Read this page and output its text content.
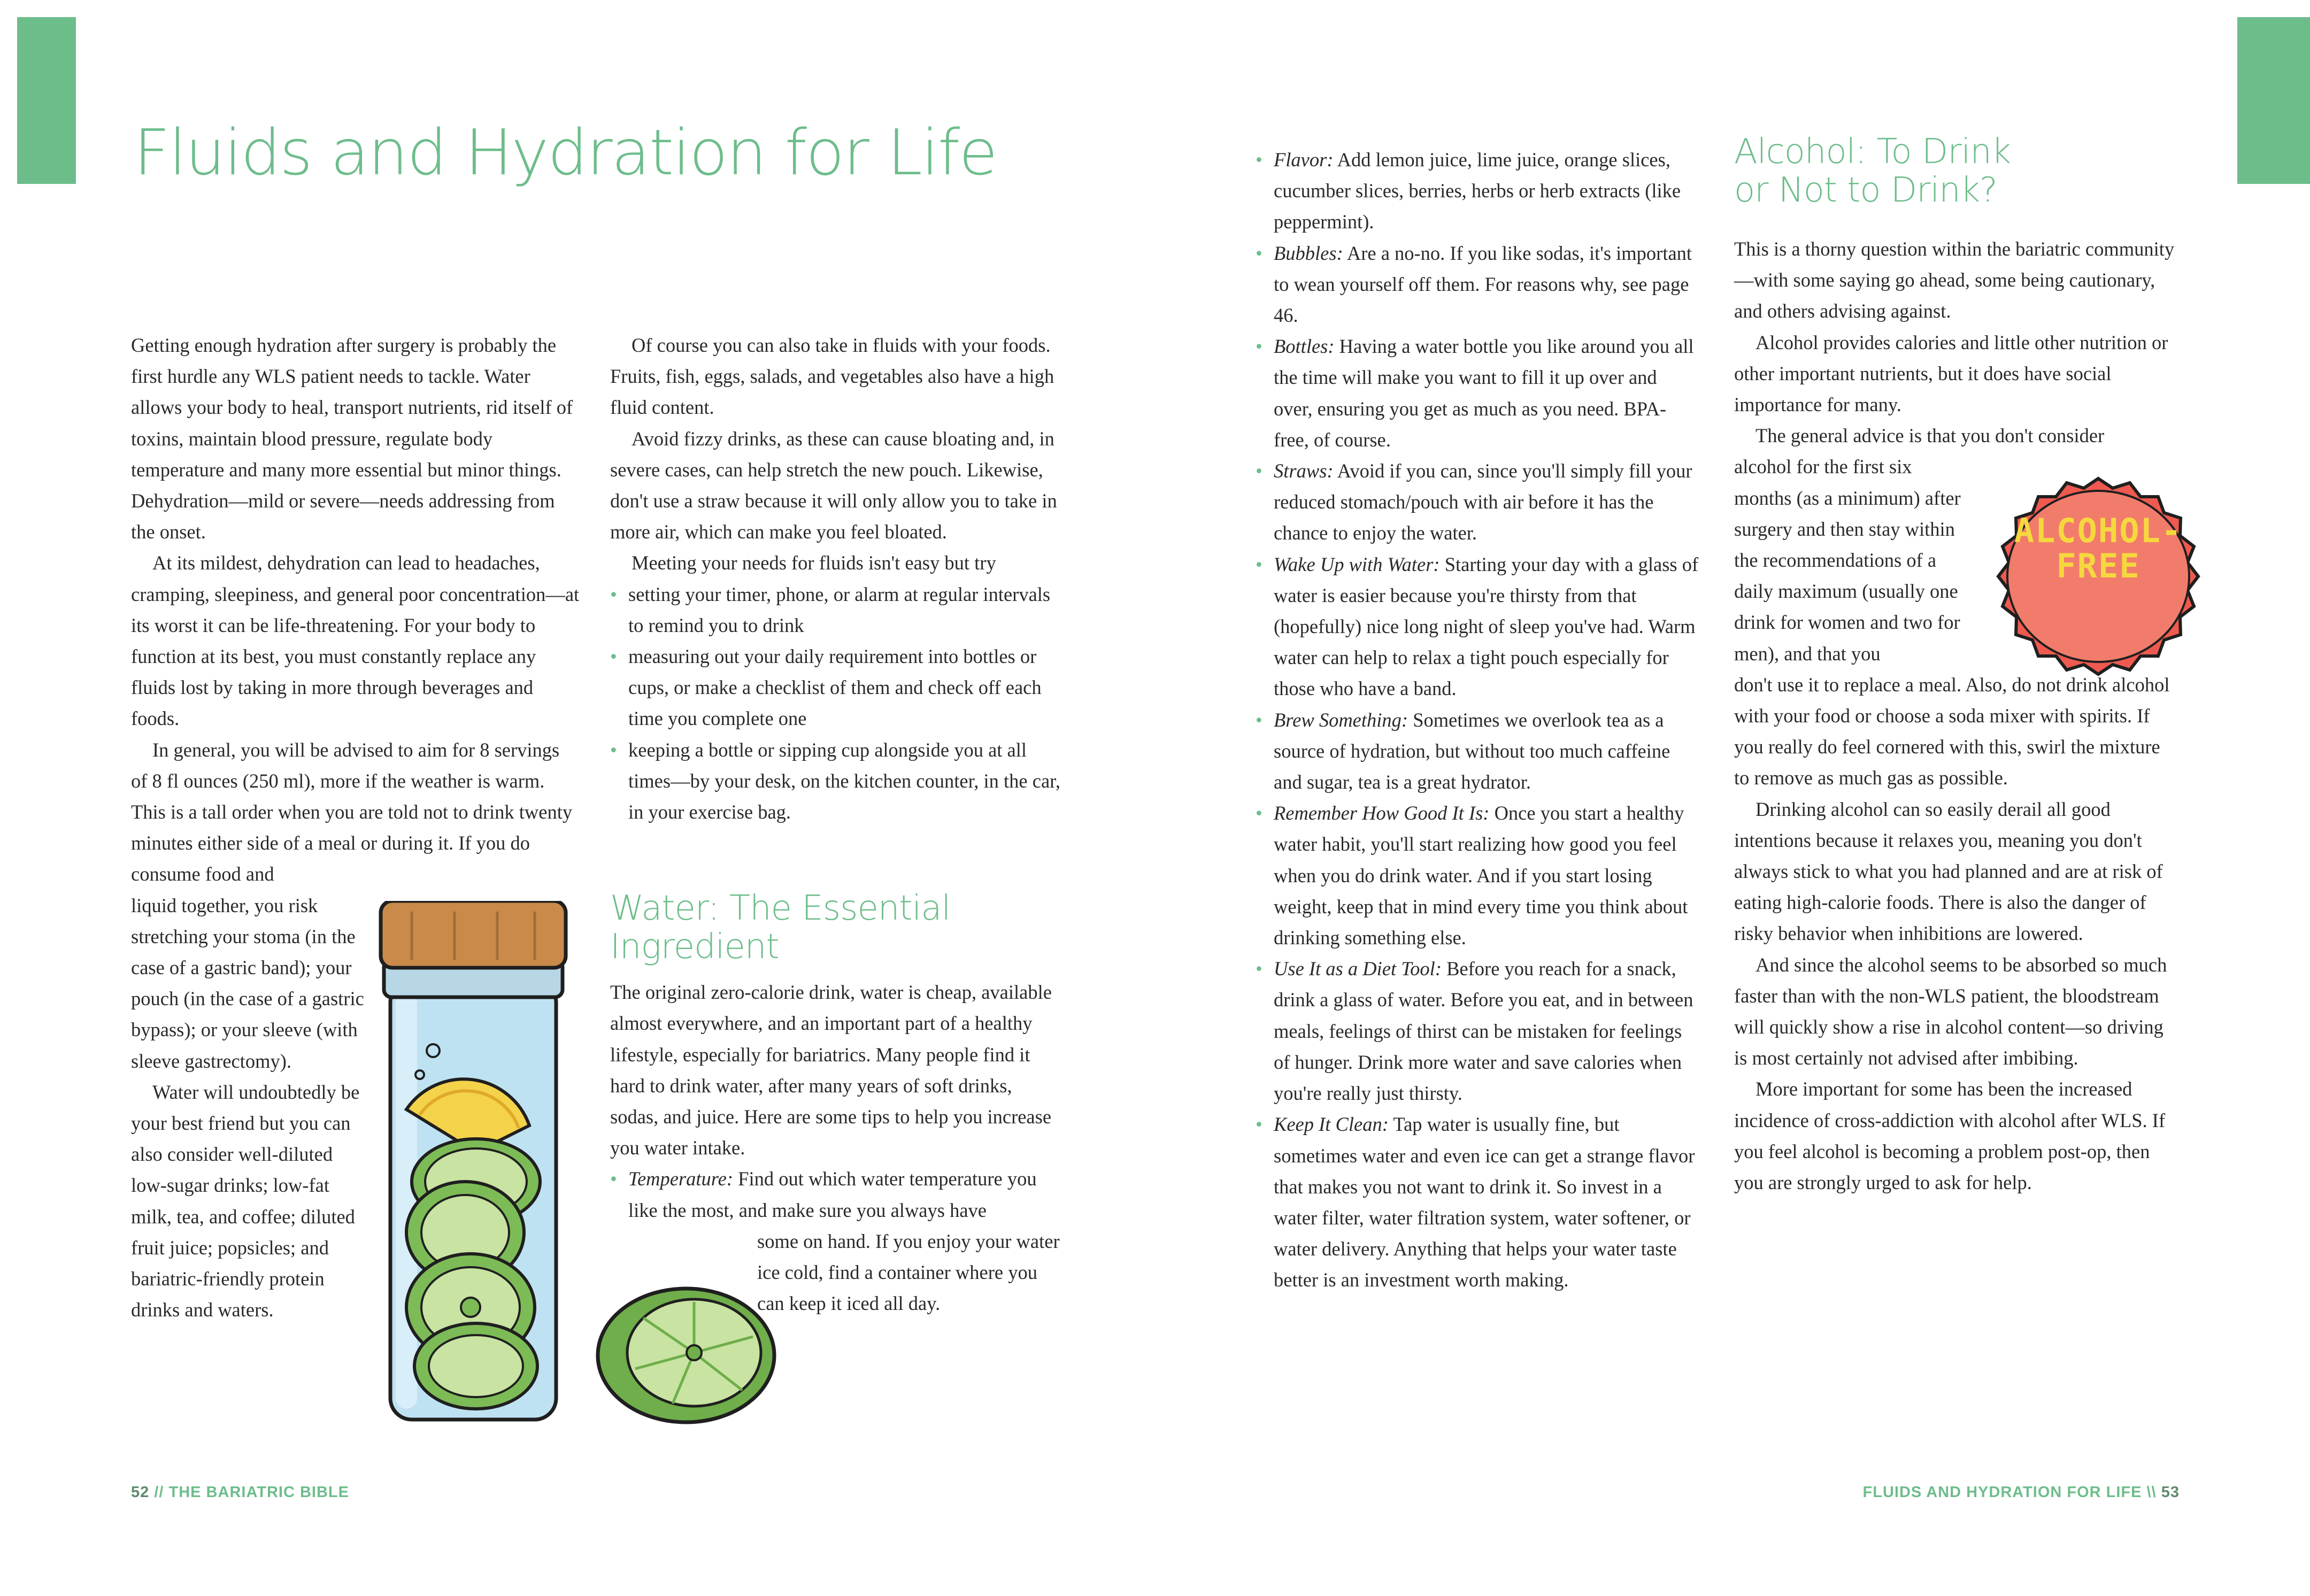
Fluids and Hydration for Life

Getting enough hydration after surgery is probably the first hurdle any WLS patient needs to tackle. Water allows your body to heal, transport nutrients, rid itself of toxins, maintain blood pressure, regulate body temperature and many more essential but minor things. Dehydration—mild or severe—needs addressing from the onset.

At its mildest, dehydration can lead to headaches, cramping, sleepiness, and general poor concentration—at its worst it can be life-threatening. For your body to function at its best, you must constantly replace any fluids lost by taking in more through beverages and foods.

In general, you will be advised to aim for 8 servings of 8 fl ounces (250 ml), more if the weather is warm. This is a tall order when you are told not to drink twenty minutes either side of a meal or during it. If you do consume food and

liquid together, you risk stretching your stoma (in the case of a gastric band); your pouch (in the case of a gastric bypass); or your sleeve (with sleeve gastrectomy).

Water will undoubtedly be your best friend but you can also consider well-diluted low-sugar drinks; low-fat milk, tea, and coffee; diluted fruit juice; popsicles; and bariatric-friendly protein drinks and waters.

Of course you can also take in fluids with your foods. Fruits, fish, eggs, salads, and vegetables also have a high fluid content.

Avoid fizzy drinks, as these can cause bloating and, in severe cases, can help stretch the new pouch. Likewise, don't use a straw because it will only allow you to take in more air, which can make you feel bloated.

Meeting your needs for fluids isn't easy but try

• setting your timer, phone, or alarm at regular intervals to remind you to drink

• measuring out your daily requirement into bottles or cups, or make a checklist of them and check off each time you complete one

• keeping a bottle or sipping cup alongside you at all times—by your desk, on the kitchen counter, in the car, in your exercise bag.

Water: The Essential
Ingredient

The original zero-calorie drink, water is cheap, available almost everywhere, and an important part of a healthy lifestyle, especially for bariatrics. Many people find it hard to drink water, after many years of soft drinks, sodas, and juice. Here are some tips to help you increase you water intake.

• Temperature: Find out which water temperature you like the most, and make sure you always have

some on hand. If you enjoy your water ice cold, find a container where you can keep it iced all day.

• Flavor: Add lemon juice, lime juice, orange slices, cucumber slices, berries, herbs or herb extracts (like peppermint).

• Bubbles: Are a no-no. If you like sodas, it's important to wean yourself off them. For reasons why, see page 46.

• Bottles: Having a water bottle you like around you all the time will make you want to fill it up over and over, ensuring you get as much as you need. BPA-free, of course.

• Straws: Avoid if you can, since you'll simply fill your reduced stomach/pouch with air before it has the chance to enjoy the water.

• Wake Up with Water: Starting your day with a glass of water is easier because you're thirsty from that (hopefully) nice long night of sleep you've had. Warm water can help to relax a tight pouch especially for those who have a band.

• Brew Something: Sometimes we overlook tea as a source of hydration, but without too much caffeine and sugar, tea is a great hydrator.

• Remember How Good It Is: Once you start a healthy water habit, you'll start realizing how good you feel when you do drink water. And if you start losing weight, keep that in mind every time you think about drinking something else.

• Use It as a Diet Tool: Before you reach for a snack, drink a glass of water. Before you eat, and in between meals, feelings of thirst can be mistaken for feelings of hunger. Drink more water and save calories when you're really just thirsty.

• Keep It Clean: Tap water is usually fine, but sometimes water and even ice can get a strange flavor that makes you not want to drink it. So invest in a water filter, water filtration system, water softener, or water delivery. Anything that helps your water taste better is an investment worth making.

Alcohol: To Drink
or Not to Drink?

This is a thorny question within the bariatric community—with some saying go ahead, some being cautionary, and others advising against.

Alcohol provides calories and little other nutrition or other important nutrients, but it does have social importance for many.

The general advice is that you don't consider

alcohol for the first six months (as a minimum) after surgery and then stay within the recommendations of a daily maximum (usually one drink for women and two for men), and that you

don't use it to replace a meal. Also, do not drink alcohol with your food or choose a soda mixer with spirits. If you really do feel cornered with this, swirl the mixture to remove as much gas as possible.

Drinking alcohol can so easily derail all good intentions because it relaxes you, meaning you don't always stick to what you had planned and are at risk of eating high-calorie foods. There is also the danger of risky behavior when inhibitions are lowered.

And since the alcohol seems to be absorbed so much faster than with the non-WLS patient, the bloodstream will quickly show a rise in alcohol content—so driving is most certainly not advised after imbibing.

More important for some has been the increased incidence of cross-addiction with alcohol after WLS. If you feel alcohol is becoming a problem post-op, then you are strongly urged to ask for help.

ALCOHOL-
FREE
52 // THE BARIATRIC BIBLE	FLUIDS AND HYDRATION FOR LIFE \\ 53
